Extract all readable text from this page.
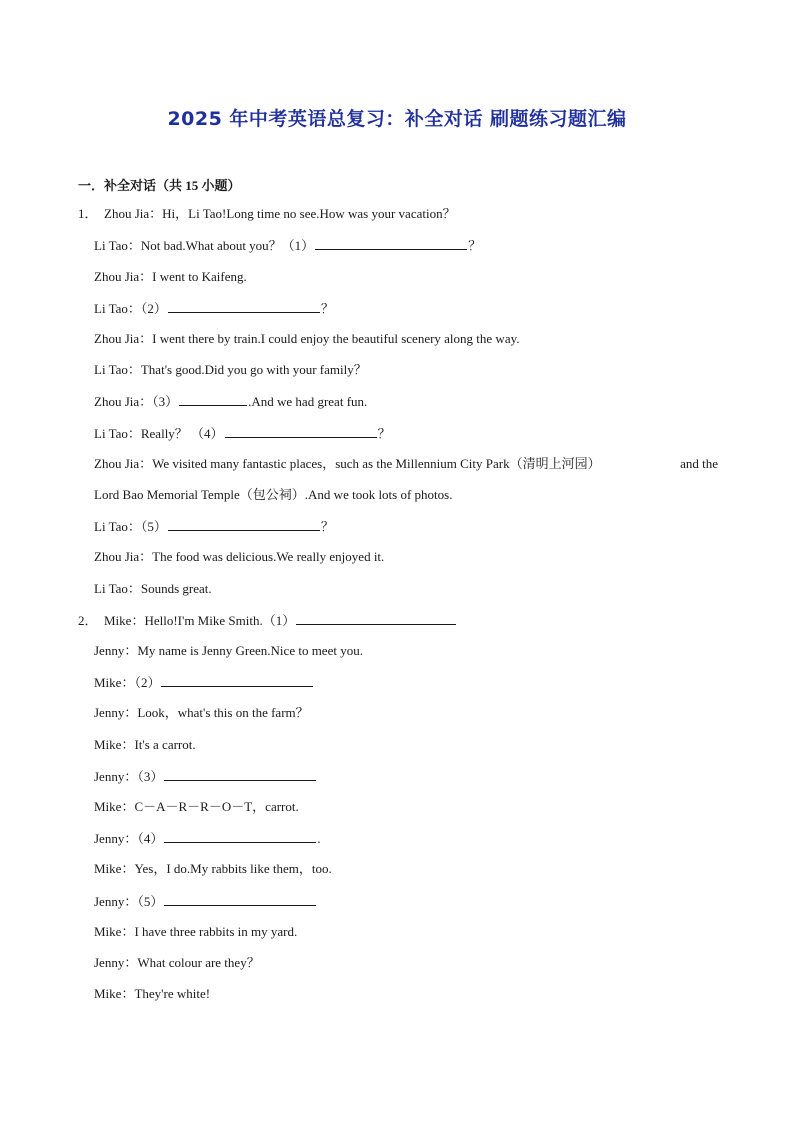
2025 年中考英语总复习：补全对话 刷题练习题汇编
一．补全对话（共 15 小题）
1． Zhou Jia：Hi，Li Tao!Long time no see.How was your vacation？
Li Tao：Not bad.What about you？（1）	？
Zhou Jia：I went to Kaifeng.
Li Tao：（2）	？
Zhou Jia：I went there by train.I could enjoy the beautiful scenery along the way.
Li Tao：That's good.Did you go with your family？
Zhou Jia：（3）	.And we had great fun.
Li Tao：Really？ （4）	？
Zhou Jia：We visited many fantastic places，such as the Millennium City Park（清明上河园）	and the
Lord Bao Memorial Temple（包公祠）.And we took lots of photos.
Li Tao：（5）	？
Zhou Jia：The food was delicious.We really enjoyed it.
Li Tao：Sounds great.
2． Mike：Hello!I'm Mike Smith.（1）
Jenny：My name is Jenny Green.Nice to meet you.
Mike：（2）
Jenny：Look，what's this on the farm？
Mike：It's a carrot.
Jenny：（3）
Mike：C－A－R－R－O－T，carrot.
Jenny：（4）	.
Mike：Yes，I do.My rabbits like them，too.
Jenny：（5）
Mike：I have three rabbits in my yard.
Jenny：What colour are they？
Mike：They're white!
